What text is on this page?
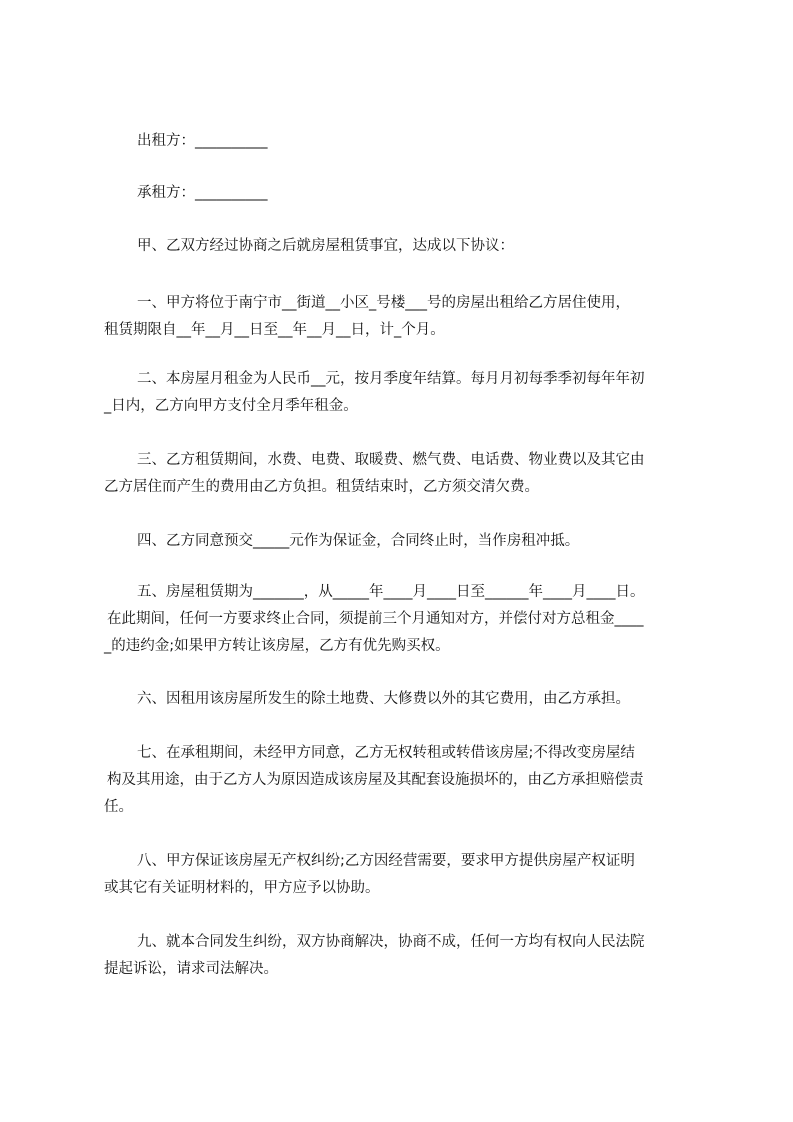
出租方：__________
承租方：__________
甲、乙双方经过协商之后就房屋租赁事宜，达成以下协议：

一、甲方将位于南宁市__街道__小区_号楼___号的房屋出租给乙方居住使用，

租赁期限自__年__月__日至__年__月__日，计_个月。

二、本房屋月租金为人民币__元，按月季度年结算。每月月初每季季初每年年初

_日内，乙方向甲方支付全月季年租金。

三、乙方租赁期间，水费、电费、取暖费、燃气费、电话费、物业费以及其它由

乙方居住而产生的费用由乙方负担。租赁结束时，乙方须交清欠费。

四、乙方同意预交_____元作为保证金，合同终止时，当作房租冲抵。

五、房屋租赁期为_______，从_____年____月____日至______年____月____日。

在此期间，任何一方要求终止合同，须提前三个月通知对方，并偿付对方总租金____

_的违约金;如果甲方转让该房屋，乙方有优先购买权。

六、因租用该房屋所发生的除土地费、大修费以外的其它费用，由乙方承担。

七、在承租期间，未经甲方同意，乙方无权转租或转借该房屋;不得改变房屋结

构及其用途，由于乙方人为原因造成该房屋及其配套设施损坏的，由乙方承担赔偿责

任。

八、甲方保证该房屋无产权纠纷;乙方因经营需要，要求甲方提供房屋产权证明

或其它有关证明材料的，甲方应予以协助。

九、就本合同发生纠纷，双方协商解决，协商不成，任何一方均有权向人民法院

提起诉讼，请求司法解决。
